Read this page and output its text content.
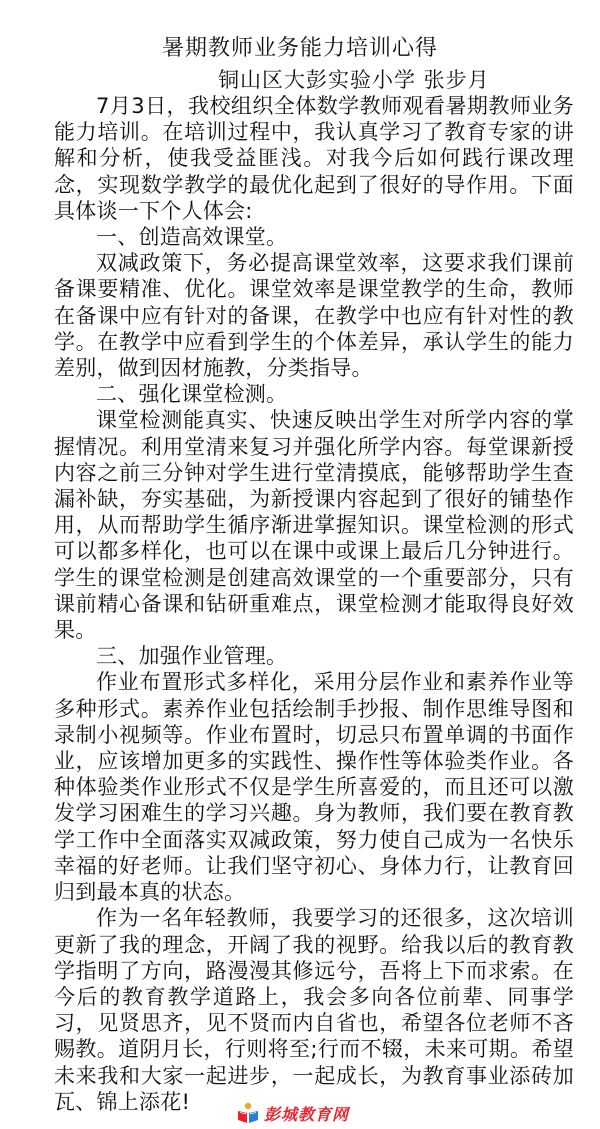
暑期教师业务能力培训心得
铜山区大彭实验小学 张步月

7月3日，我校组织全体数学教师观看暑期教师业务能力培训。在培训过程中，我认真学习了教育专家的讲解和分析，使我受益匪浅。对我今后如何践行课改理念，实现数学教学的最优化起到了很好的导作用。下面具体谈一下个人体会:

一、创造高效课堂。

双减政策下，务必提高课堂效率，这要求我们课前备课要精准、优化。课堂效率是课堂教学的生命，教师在备课中应有针对的备课，在教学中也应有针对性的教学。在教学中应看到学生的个体差异，承认学生的能力差别，做到因材施教，分类指导。

二、强化课堂检测。

课堂检测能真实、快速反映出学生对所学内容的掌握情况。利用堂清来复习并强化所学内容。每堂课新授内容之前三分钟对学生进行堂清摸底，能够帮助学生查漏补缺，夯实基础，为新授课内容起到了很好的铺垫作用，从而帮助学生循序渐进掌握知识。课堂检测的形式可以都多样化，也可以在课中或课上最后几分钟进行。学生的课堂检测是创建高效课堂的一个重要部分，只有课前精心备课和钻研重难点，课堂检测才能取得良好效果。

三、加强作业管理。

作业布置形式多样化，采用分层作业和素养作业等多种形式。素养作业包括绘制手抄报、制作思维导图和录制小视频等。作业布置时，切忌只布置单调的书面作业，应该增加更多的实践性、操作性等体验类作业。各种体验类作业形式不仅是学生所喜爱的，而且还可以激发学习困难生的学习兴趣。身为教师，我们要在教育教学工作中全面落实双减政策，努力使自己成为一名快乐幸福的好老师。让我们坚守初心、身体力行，让教育回归到最本真的状态。

作为一名年轻教师，我要学习的还很多，这次培训更新了我的理念，开阔了我的视野。给我以后的教育教学指明了方向，路漫漫其修远兮，吾将上下而求索。在今后的教育教学道路上，我会多向各位前辈、同事学习，见贤思齐，见不贤而内自省也，希望各位老师不吝赐教。道阴月长，行则将至;行而不辍，未来可期。希望未来我和大家一起进步，一起成长，为教育事业添砖加瓦、锦上添花!

彭城教育网
